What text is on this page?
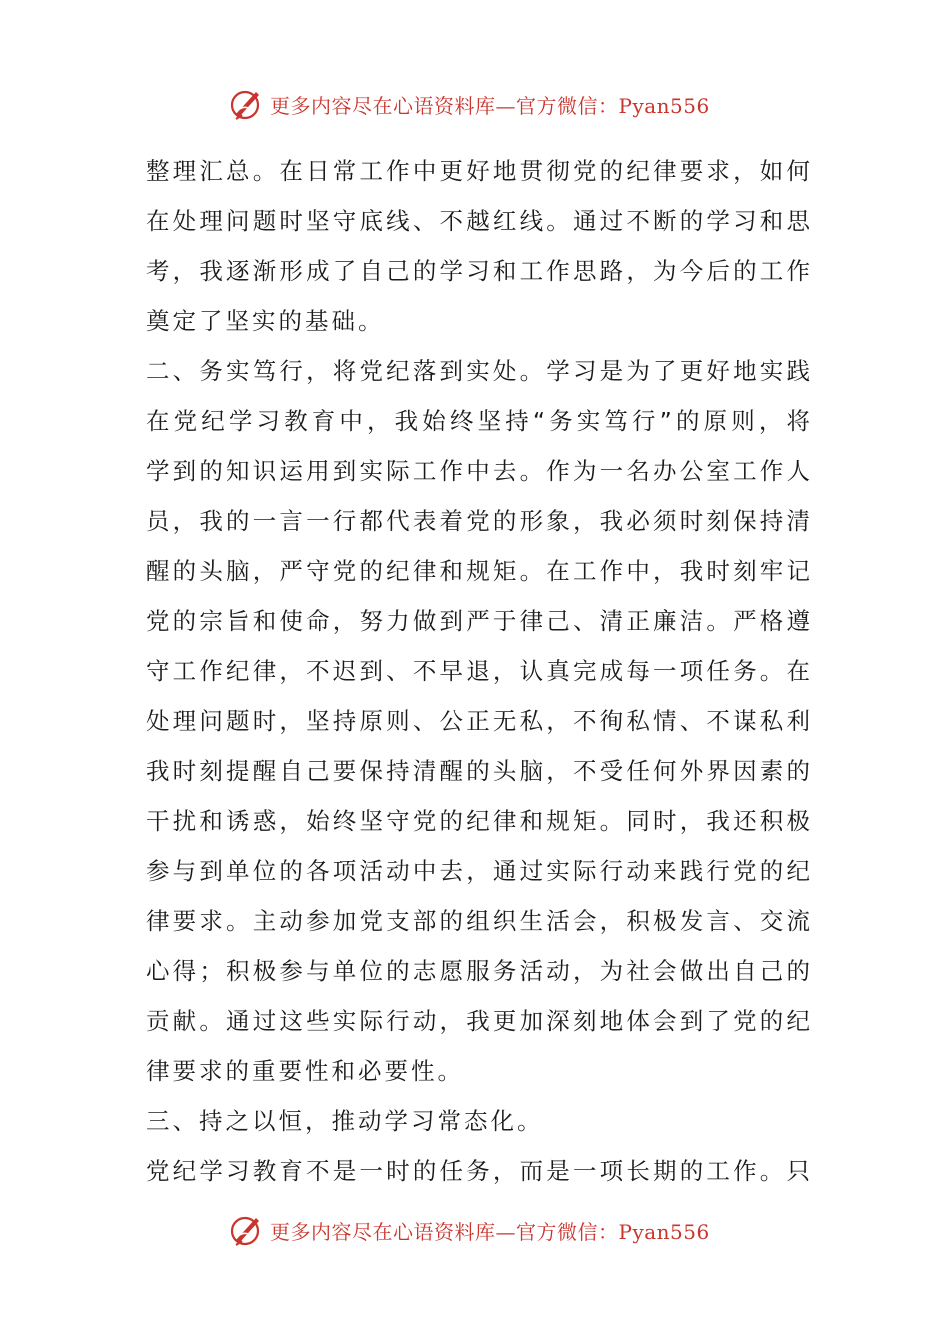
更多内容尽在心语资料库—官方微信：Pyan556
整理汇总。在日常工作中更好地贯彻党的纪律要求，如何
在处理问题时坚守底线、不越红线。通过不断的学习和思
考，我逐渐形成了自己的学习和工作思路，为今后的工作
奠定了坚实的基础。
二、务实笃行，将党纪落到实处。学习是为了更好地实践
在党纪学习教育中，我始终坚持“务实笃行”的原则，将
学到的知识运用到实际工作中去。作为一名办公室工作人
员，我的一言一行都代表着党的形象，我必须时刻保持清
醒的头脑，严守党的纪律和规矩。在工作中，我时刻牢记
党的宗旨和使命，努力做到严于律己、清正廉洁。严格遵
守工作纪律，不迟到、不早退，认真完成每一项任务。在
处理问题时，坚持原则、公正无私，不徇私情、不谋私利
我时刻提醒自己要保持清醒的头脑，不受任何外界因素的
干扰和诱惑，始终坚守党的纪律和规矩。同时，我还积极
参与到单位的各项活动中去，通过实际行动来践行党的纪
律要求。主动参加党支部的组织生活会，积极发言、交流
心得；积极参与单位的志愿服务活动，为社会做出自己的
贡献。通过这些实际行动，我更加深刻地体会到了党的纪
律要求的重要性和必要性。
三、持之以恒，推动学习常态化。
党纪学习教育不是一时的任务，而是一项长期的工作。只
更多内容尽在心语资料库—官方微信：Pyan556
